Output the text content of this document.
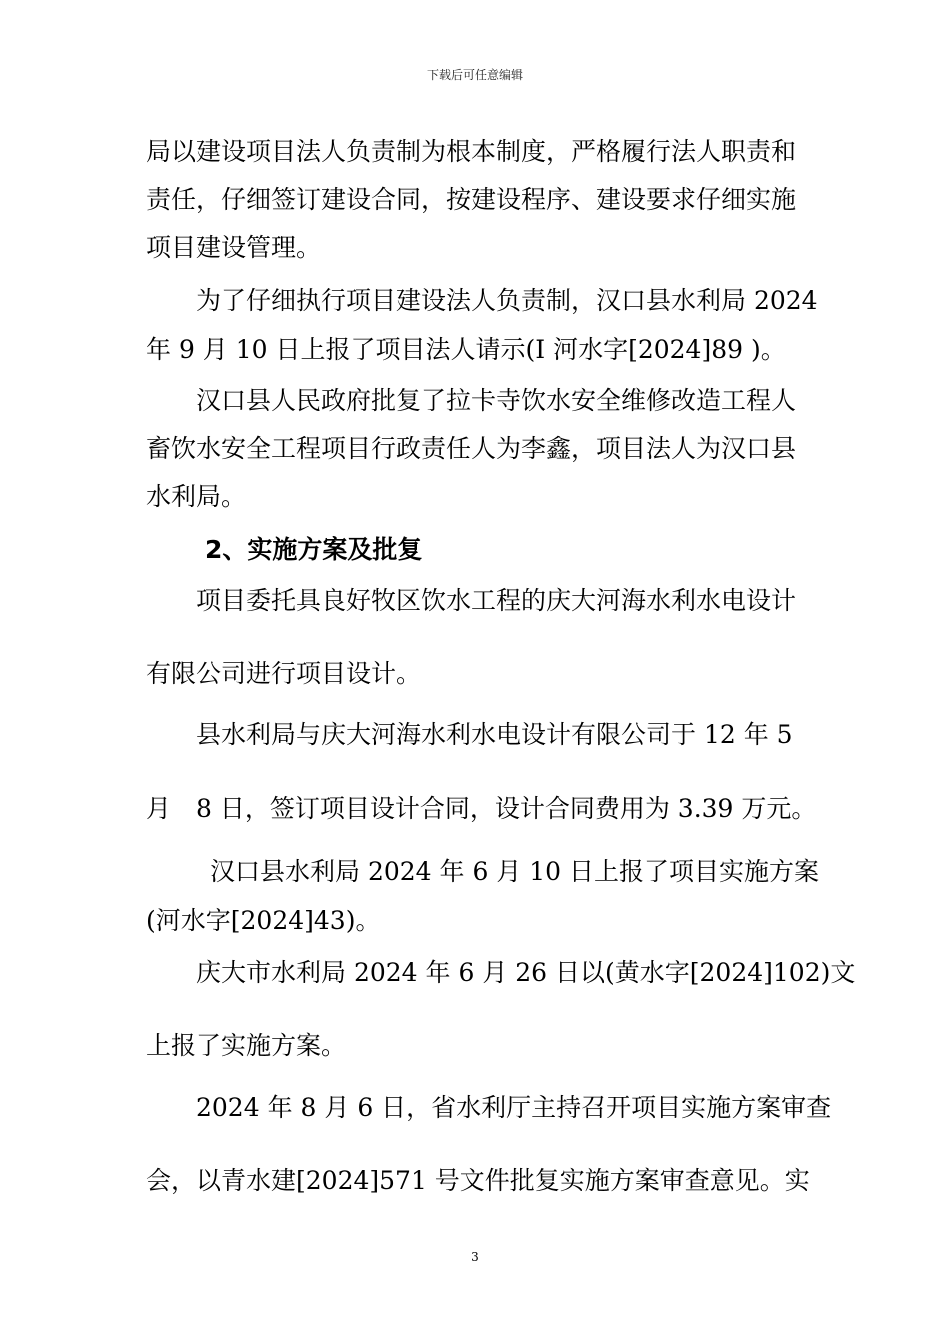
下载后可任意编辑
局以建设项目法人负责制为根本制度，严格履行法人职责和
责任，仔细签订建设合同，按建设程序、建设要求仔细实施
项目建设管理。
为了仔细执行项目建设法人负责制，汉口县水利局 2024
年 9 月 10 日上报了项目法人请示(I 河水字[2024]89 )。
汉口县人民政府批复了拉卡寺饮水安全维修改造工程人
畜饮水安全工程项目行政责任人为李鑫，项目法人为汉口县
水利局。
2、实施方案及批复
项目委托具良好牧区饮水工程的庆大河海水利水电设计
有限公司进行项目设计。
县水利局与庆大河海水利水电设计有限公司于 12 年 5
月　8 日，签订项目设计合同，设计合同费用为 3.39 万元。
汉口县水利局 2024 年 6 月 10 日上报了项目实施方案
(河水字[2024]43)。
庆大市水利局 2024 年 6 月 26 日以(黄水字[2024]102)文
上报了实施方案。
2024 年 8 月 6 日，省水利厅主持召开项目实施方案审查
会，以青水建[2024]571 号文件批复实施方案审查意见。实
3
